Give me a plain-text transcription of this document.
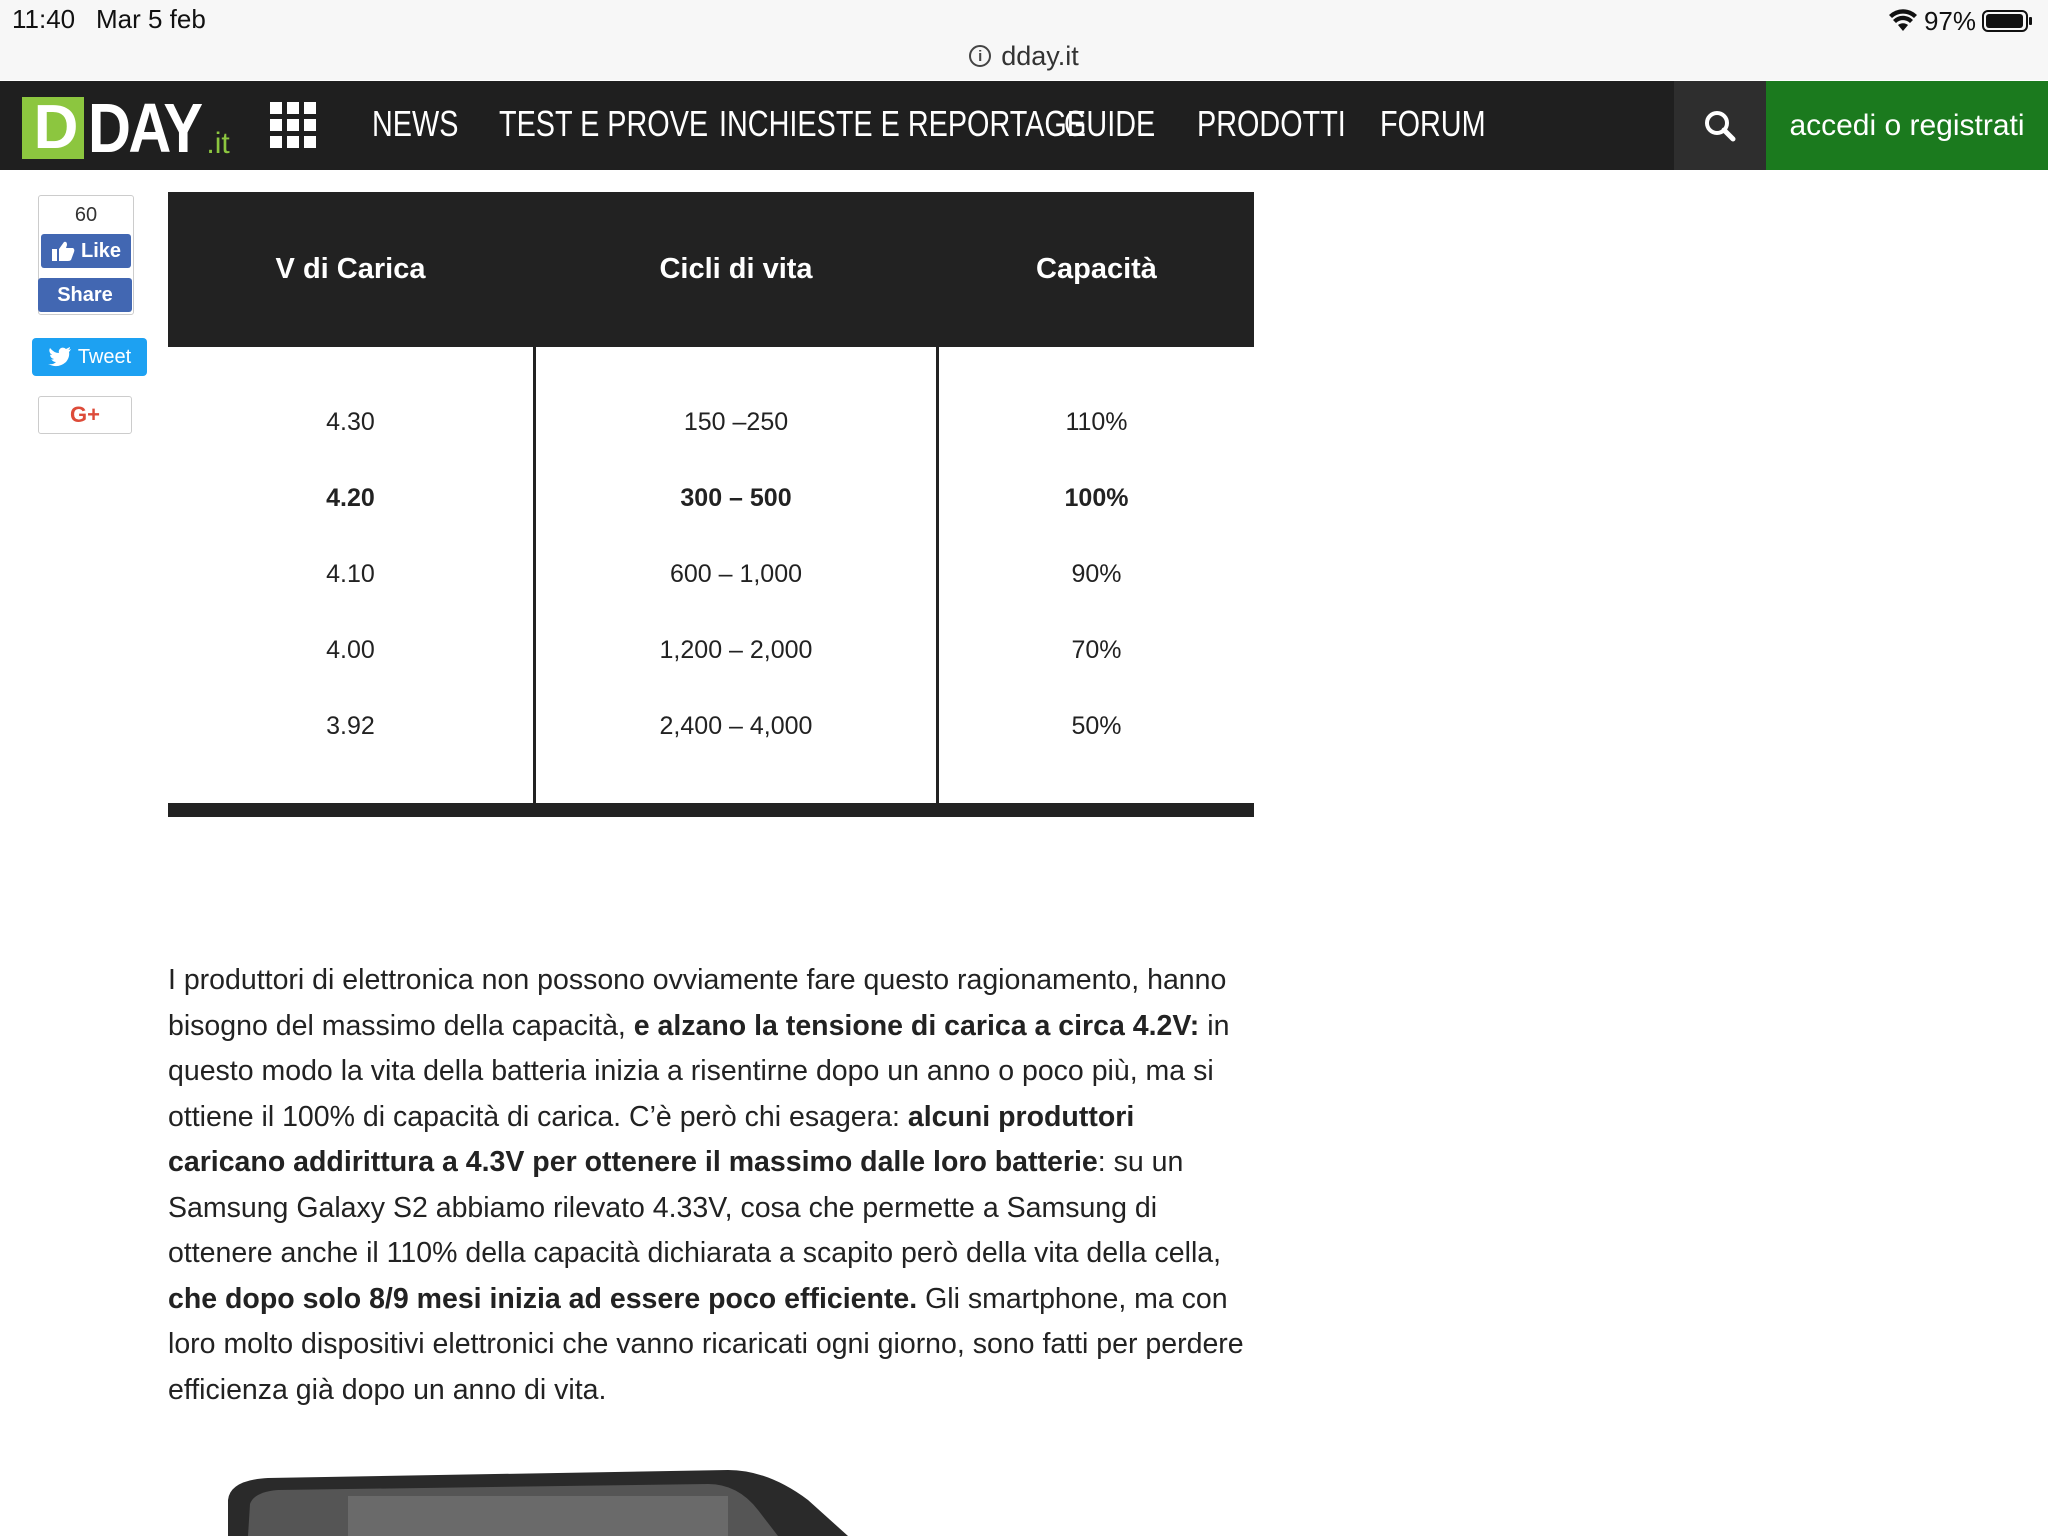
11:40 Mar 5 feb	97%
i dday.it
D DAY .it	NEWS TEST E PROVE INCHIESTE E REPORTAGE
GUIDE PRODOTTI FORUM	accedi o registrati
60
Like
Share
Tweet
G+
V di Carica	Cicli di vita	Capacità
4.30	150 –250	110%
4.20	300 – 500	100%
4.10	600 – 1,000	90%
4.00	1,200 – 2,000	70%
3.92	2,400 – 4,000	50%

I produttori di elettronica non possono ovviamente fare questo ragionamento, hanno bisogno del massimo della capacità, e alzano la tensione di carica a circa 4.2V: in questo modo la vita della batteria inizia a risentirne dopo un anno o poco più, ma si ottiene il 100% di capacità di carica. C’è però chi esagera: alcuni produttori caricano addirittura a 4.3V per ottenere il massimo dalle loro batterie: su un Samsung Galaxy S2 abbiamo rilevato 4.33V, cosa che permette a Samsung di ottenere anche il 110% della capacità dichiarata a scapito però della vita della cella, che dopo solo 8/9 mesi inizia ad essere poco efficiente. Gli smartphone, ma con loro molto dispositivi elettronici che vanno ricaricati ogni giorno, sono fatti per perdere efficienza già dopo un anno di vita.
